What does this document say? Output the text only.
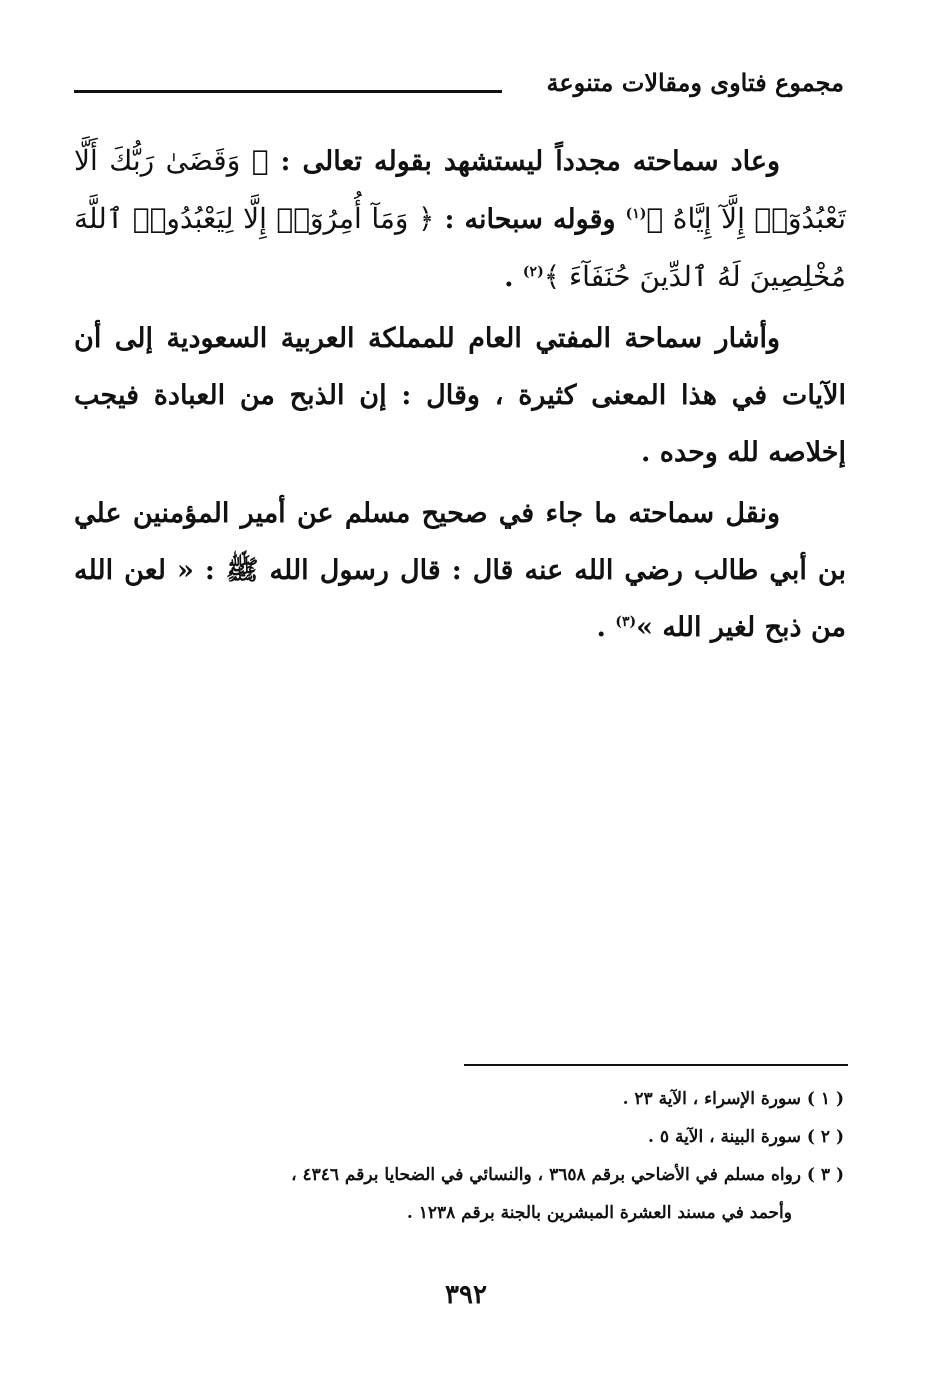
مجموع فتاوى ومقالات متنوعة

وعاد سماحته مجدداً ليستشهد بقوله تعالى : ﴿ وَقَضَىٰ رَبُّكَ أَلَّا تَعْبُدُوٓا۟ إِلَّآ إِيَّاهُ ﴾$^{(١)}$ وقوله سبحانه : ﴿ وَمَآ أُمِرُوٓا۟ إِلَّا لِيَعْبُدُوا۟ ٱللَّهَ مُخْلِصِينَ لَهُ ٱلدِّينَ حُنَفَآءَ ﴾$^{(٢)}$ .

وأشار سماحة المفتي العام للمملكة العربية السعودية إلى أن الآيات في هذا المعنى كثيرة ، وقال : إن الذبح من العبادة فيجب إخلاصه لله وحده .

ونقل سماحته ما جاء في صحيح مسلم عن أمير المؤمنين علي بن أبي طالب رضي الله عنه قال : قال رسول الله ﷺ : « لعن الله من ذبح لغير الله »$^{(٣)}$ .

( ١ ) سورة الإسراء ، الآية ٢٣ .

( ٢ ) سورة البينة ، الآية ٥ .

( ٣ ) رواه مسلم في الأضاحي برقم ٣٦٥٨ ، والنسائي في الضحايا برقم ٤٣٤٦ ،

وأحمد في مسند العشرة المبشرين بالجنة برقم ١٢٣٨ .

٣٩٢
